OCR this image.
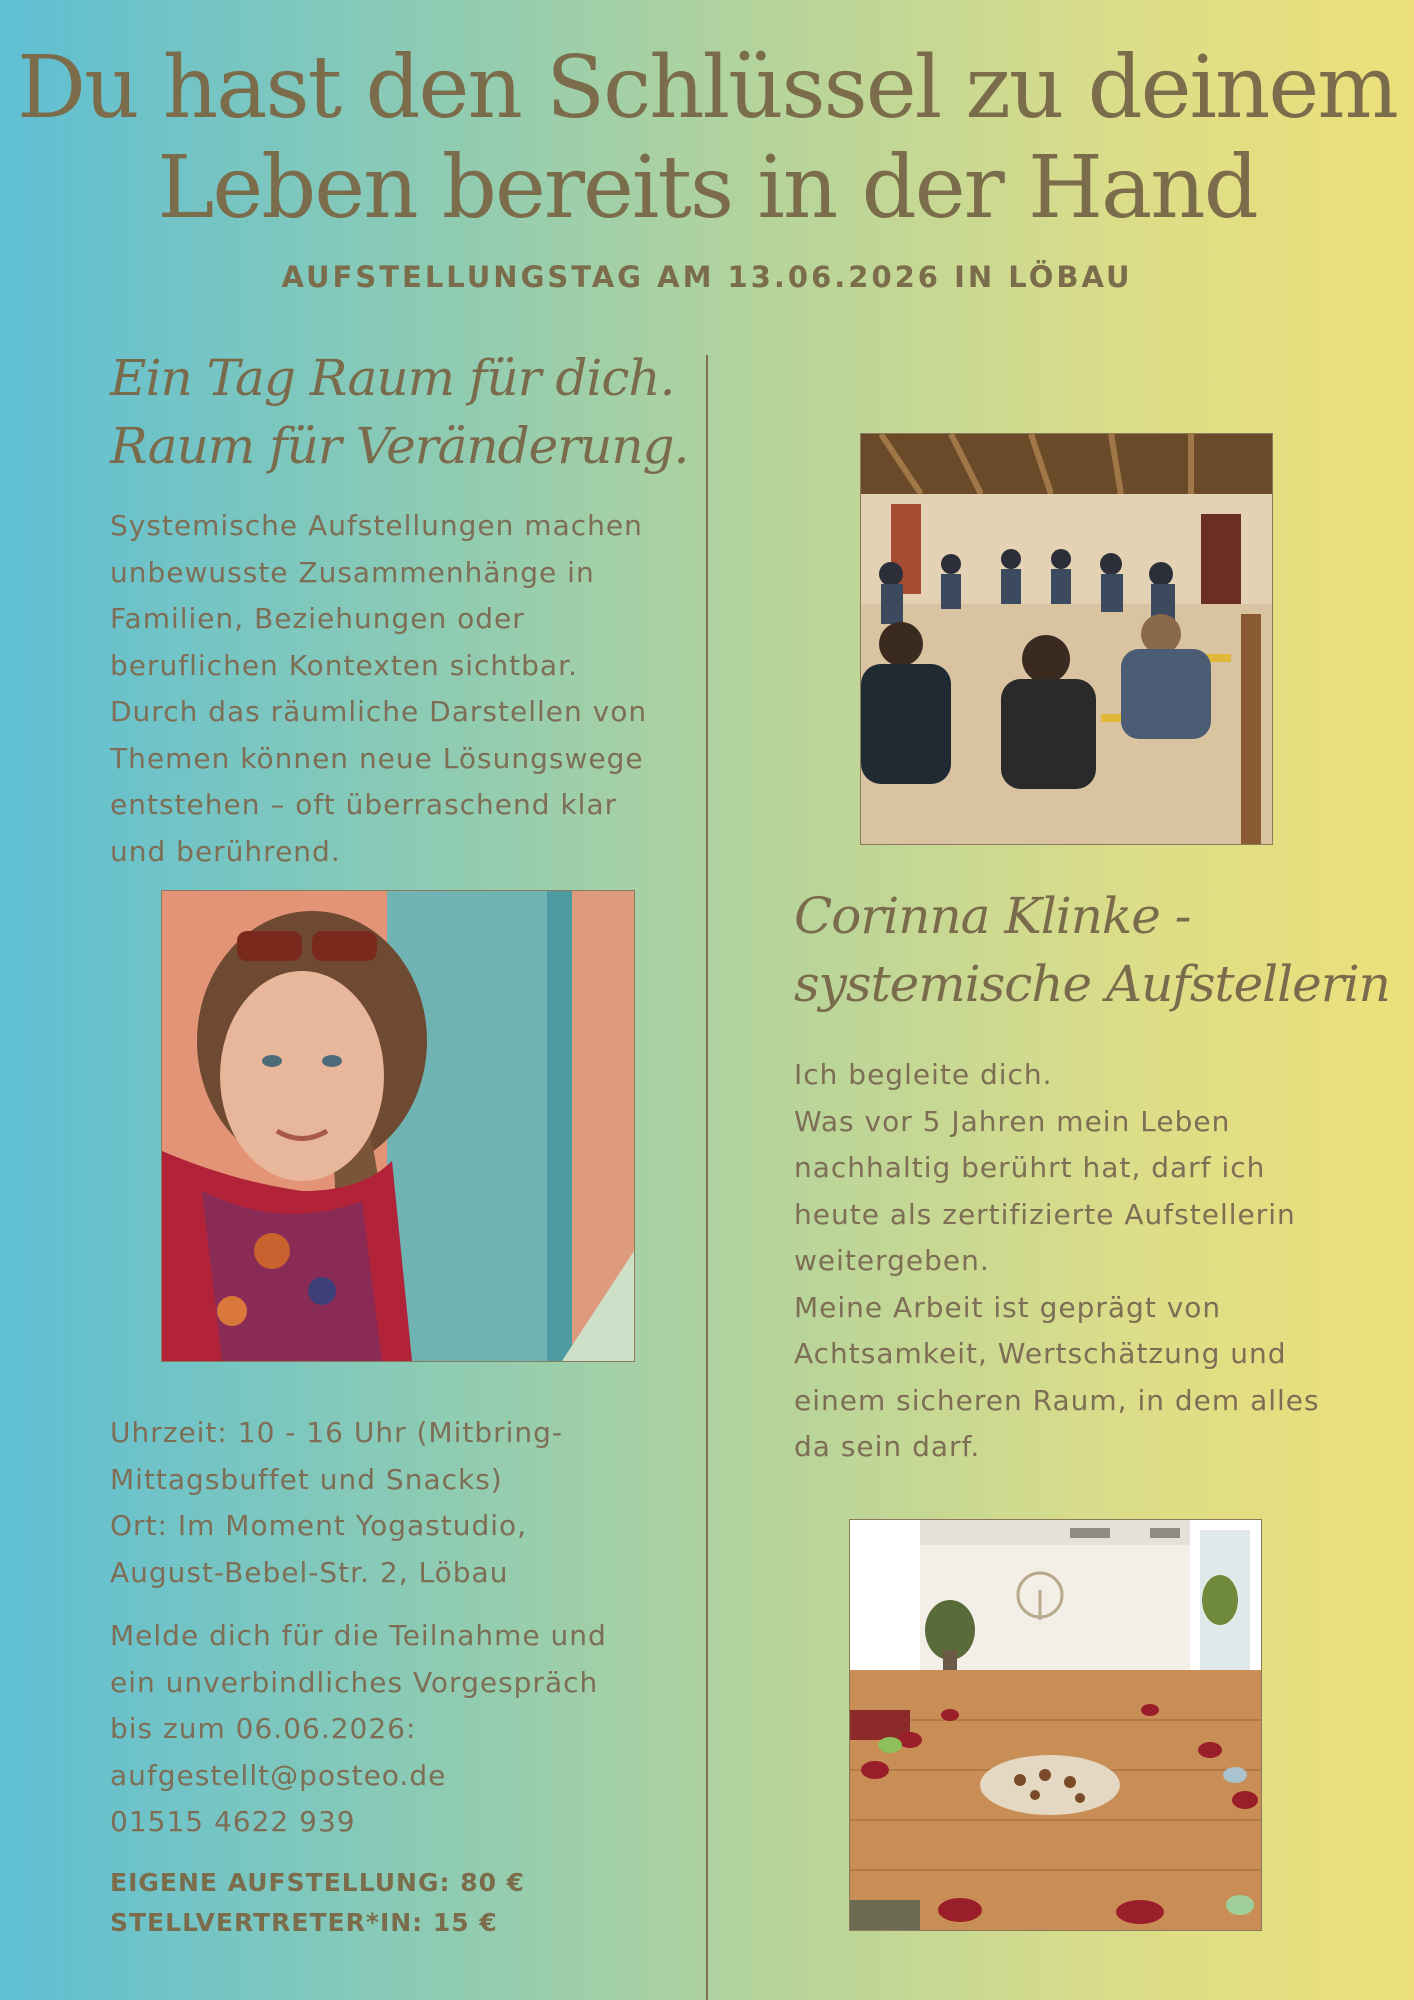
Du hast den Schlüssel zu deinem
Leben bereits in der Hand
AUFSTELLUNGSTAG AM 13.06.2026 IN LÖBAU
Ein Tag Raum für dich.
Raum für Veränderung.
Systemische Aufstellungen machen
unbewusste Zusammenhänge in
Familien, Beziehungen oder
beruflichen Kontexten sichtbar.
Durch das räumliche Darstellen von
Themen können neue Lösungswege
entstehen – oft überraschend klar
und berührend.
Uhrzeit: 10 - 16 Uhr (Mitbring-
Mittagsbuffet und Snacks)
Ort: Im Moment Yogastudio,
August-Bebel-Str. 2, Löbau
Melde dich für die Teilnahme und
ein unverbindliches Vorgespräch
bis zum 06.06.2026:
aufgestellt@posteo.de
01515 4622 939
EIGENE AUFSTELLUNG: 80 €
STELLVERTRETER*IN: 15 €
Corinna Klinke -
systemische Aufstellerin
Ich begleite dich.
Was vor 5 Jahren mein Leben
nachhaltig berührt hat, darf ich
heute als zertifizierte Aufstellerin
weitergeben.
Meine Arbeit ist geprägt von
Achtsamkeit, Wertschätzung und
einem sicheren Raum, in dem alles
da sein darf.
